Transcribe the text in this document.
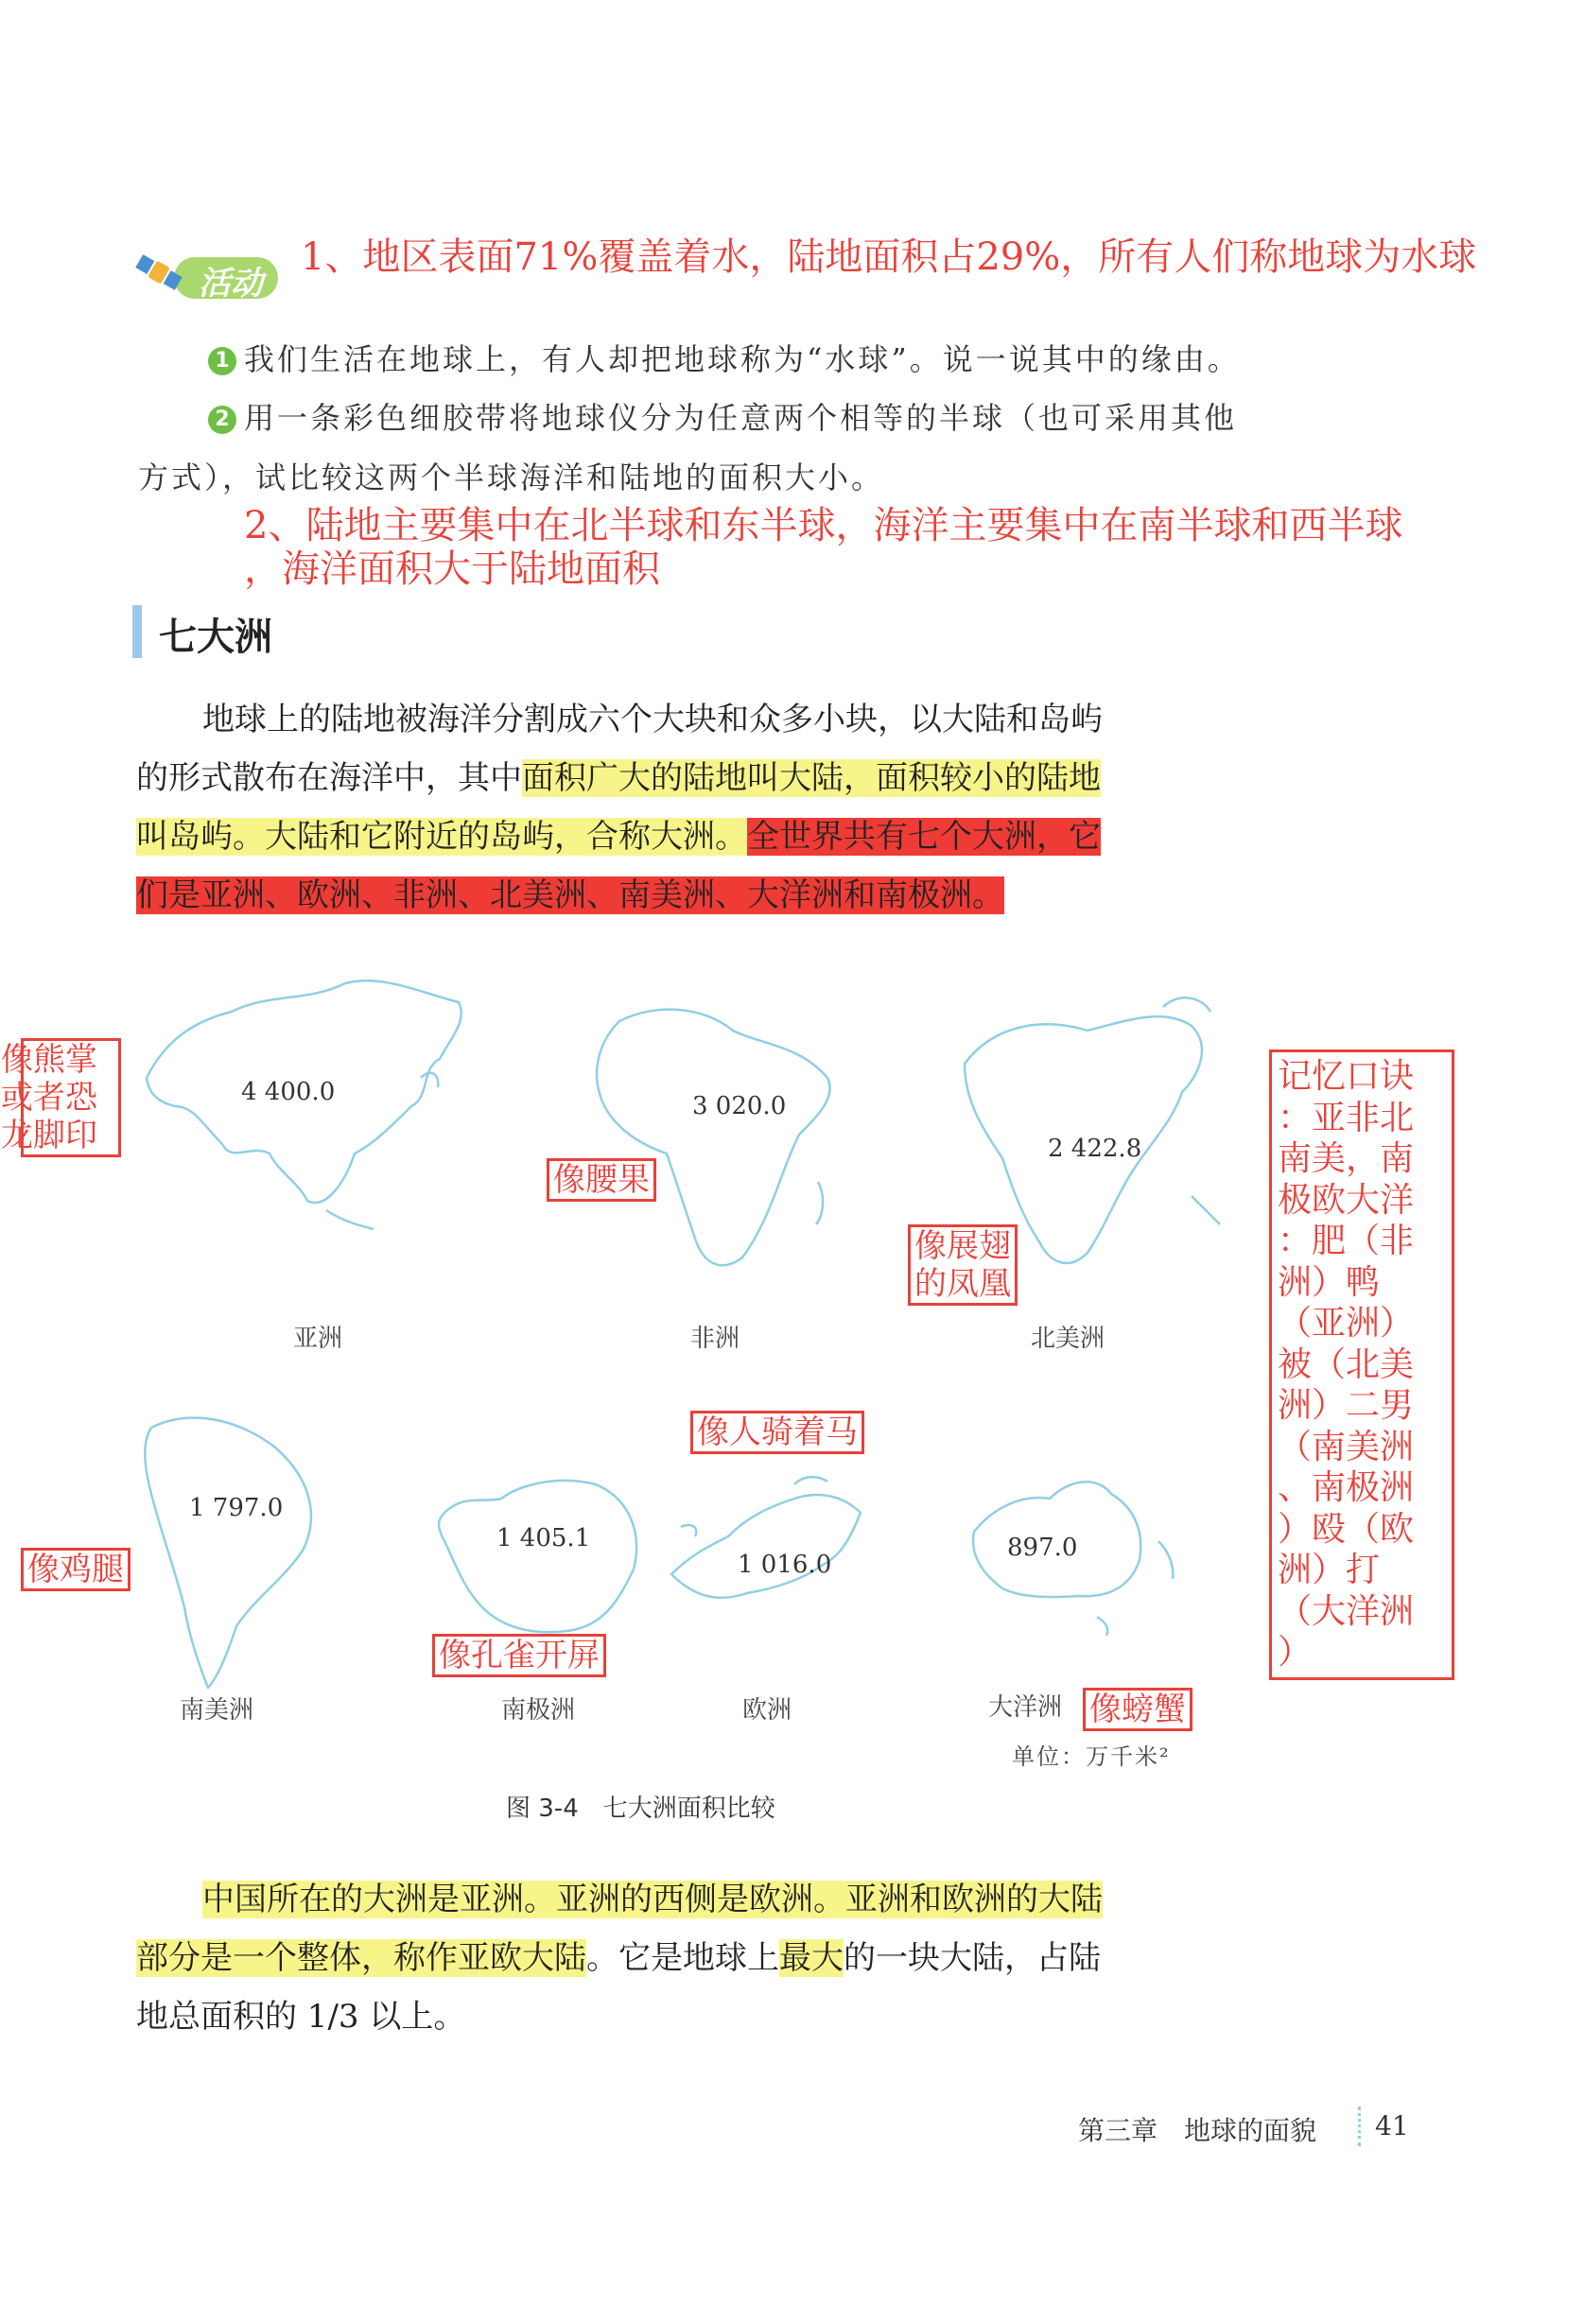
活动
1、地区表面71%覆盖着水，陆地面积占29%，所有人们称地球为水球
1 我们生活在地球上，有人却把地球称为“水球”。说一说其中的缘由。
2 用一条彩色细胶带将地球仪分为任意两个相等的半球（也可采用其他
方式），试比较这两个半球海洋和陆地的面积大小。
2、陆地主要集中在北半球和东半球，海洋主要集中在南半球和西半球
，海洋面积大于陆地面积
七大洲
地球上的陆地被海洋分割成六个大块和众多小块，以大陆和岛屿
的形式散布在海洋中，其中面积广大的陆地叫大陆，面积较小的陆地
叫岛屿。大陆和它附近的岛屿，合称大洲。全世界共有七个大洲，它
们是亚洲、欧洲、非洲、北美洲、南美洲、大洋洲和南极洲。
4 400.0
亚洲
3 020.0
非洲
2 422.8
北美洲
1 797.0
南美洲
1 405.1
南极洲
1 016.0
欧洲
897.0
大洋洲
单位：万千米²
图 3-4　七大洲面积比较
像熊掌
或者恐
龙脚印
像腰果
像展翅
的凤凰
像人骑着马
像鸡腿
像孔雀开屏
像螃蟹
记忆口诀
：亚非北
南美，南
极欧大洋
：肥（非
洲）鸭
（亚洲）
被（北美
洲）二男
（南美洲
、南极洲
）殴（欧
洲）打
（大洋洲
）
中国所在的大洲是亚洲。亚洲的西侧是欧洲。亚洲和欧洲的大陆
部分是一个整体，称作亚欧大陆。它是地球上最大的一块大陆，占陆
地总面积的 1/3 以上。
第三章　地球的面貌 41
